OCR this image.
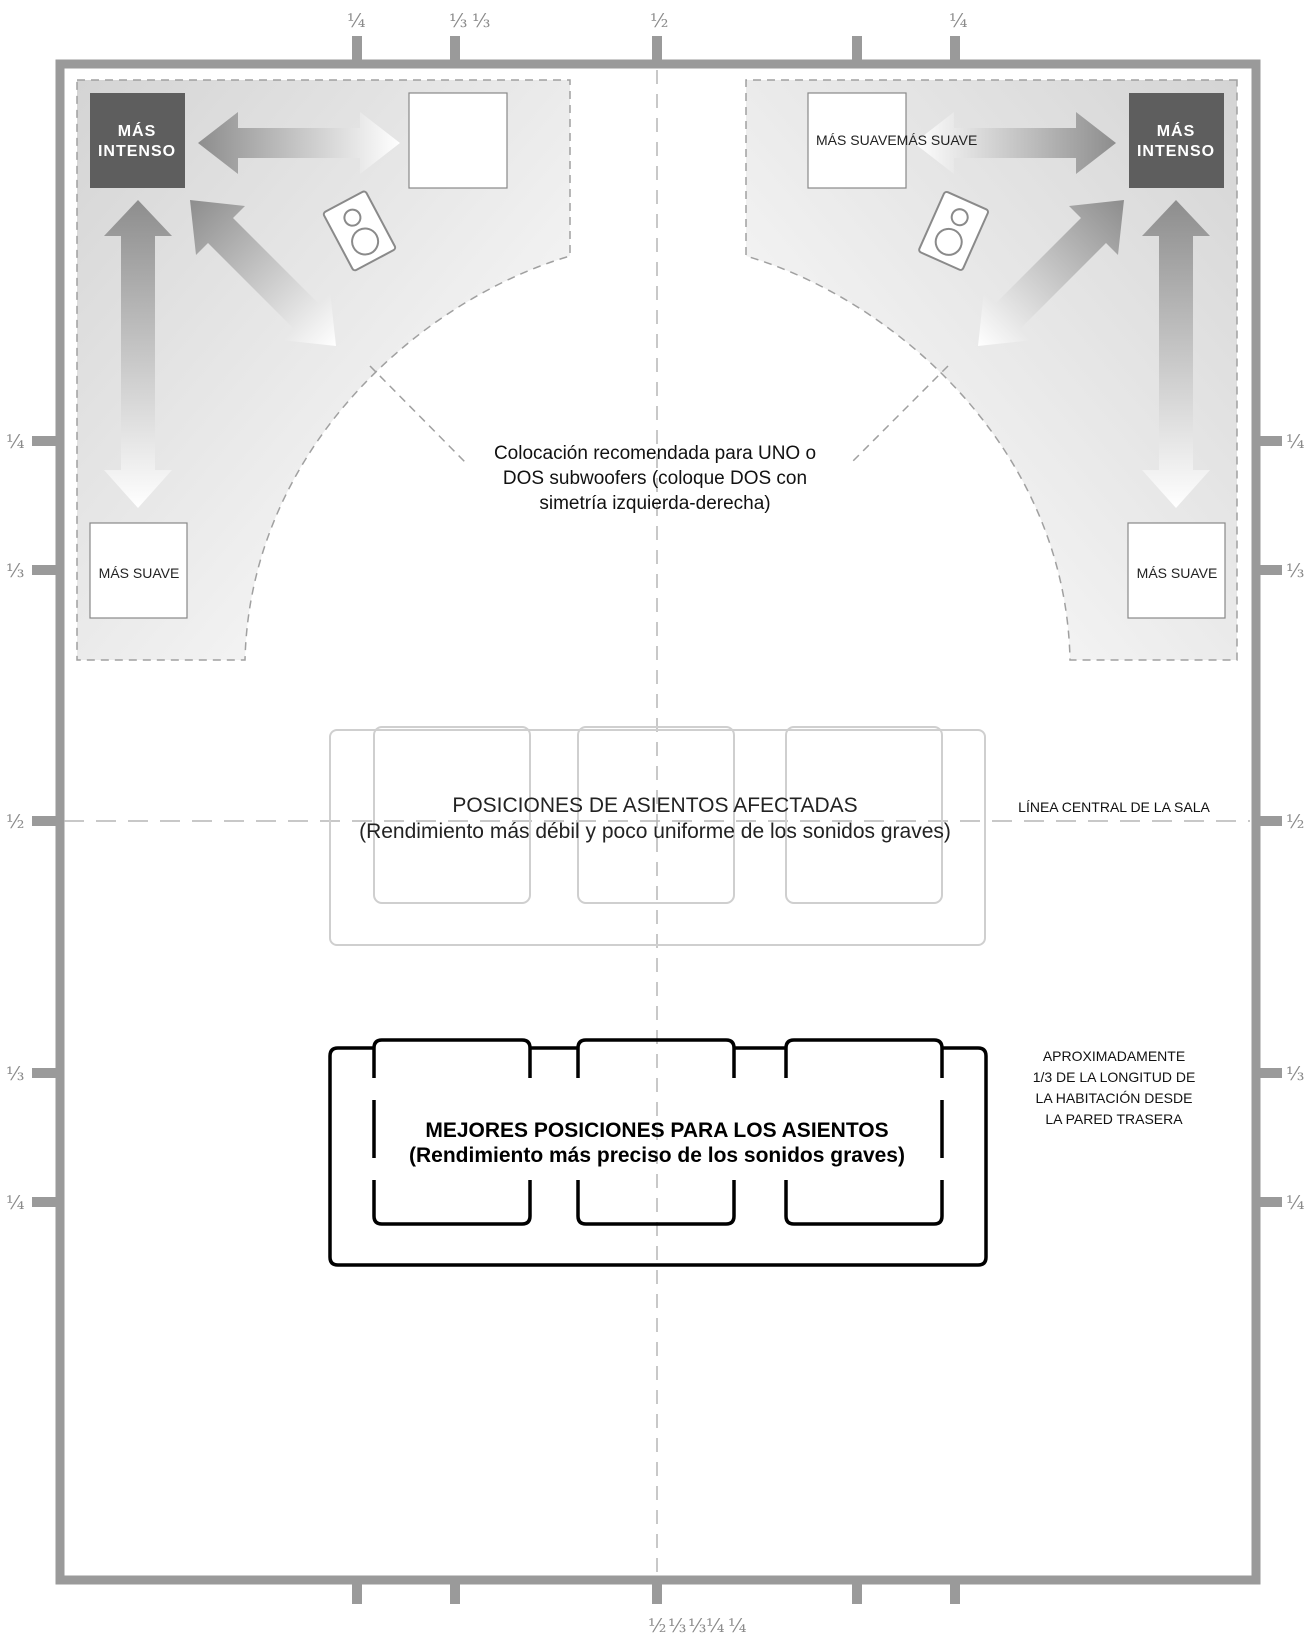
¼	⅓ ⅓	½	¼
½ ⅓ ⅓ ¼ ¼
¼
⅓
½
⅓
¼
¼
⅓
½
⅓
¼
MÁS
INTENSO
MÁS SUAVE
MÁS
INTENSO
MÁS SUAVEMÁS SUAVE
MÁS SUAVE
Colocación recomendada para UNO o
DOS subwoofers (coloque DOS con
simetría izquierda-derecha)
LÍNEA CENTRAL DE LA SALA
POSICIONES DE ASIENTOS AFECTADAS
(Rendimiento más débil y poco uniforme de los sonidos graves)
MEJORES POSICIONES PARA LOS ASIENTOS
(Rendimiento más preciso de los sonidos graves)
APROXIMADAMENTE
1/3 DE LA LONGITUD DE
LA HABITACIÓN DESDE
LA PARED TRASERA
